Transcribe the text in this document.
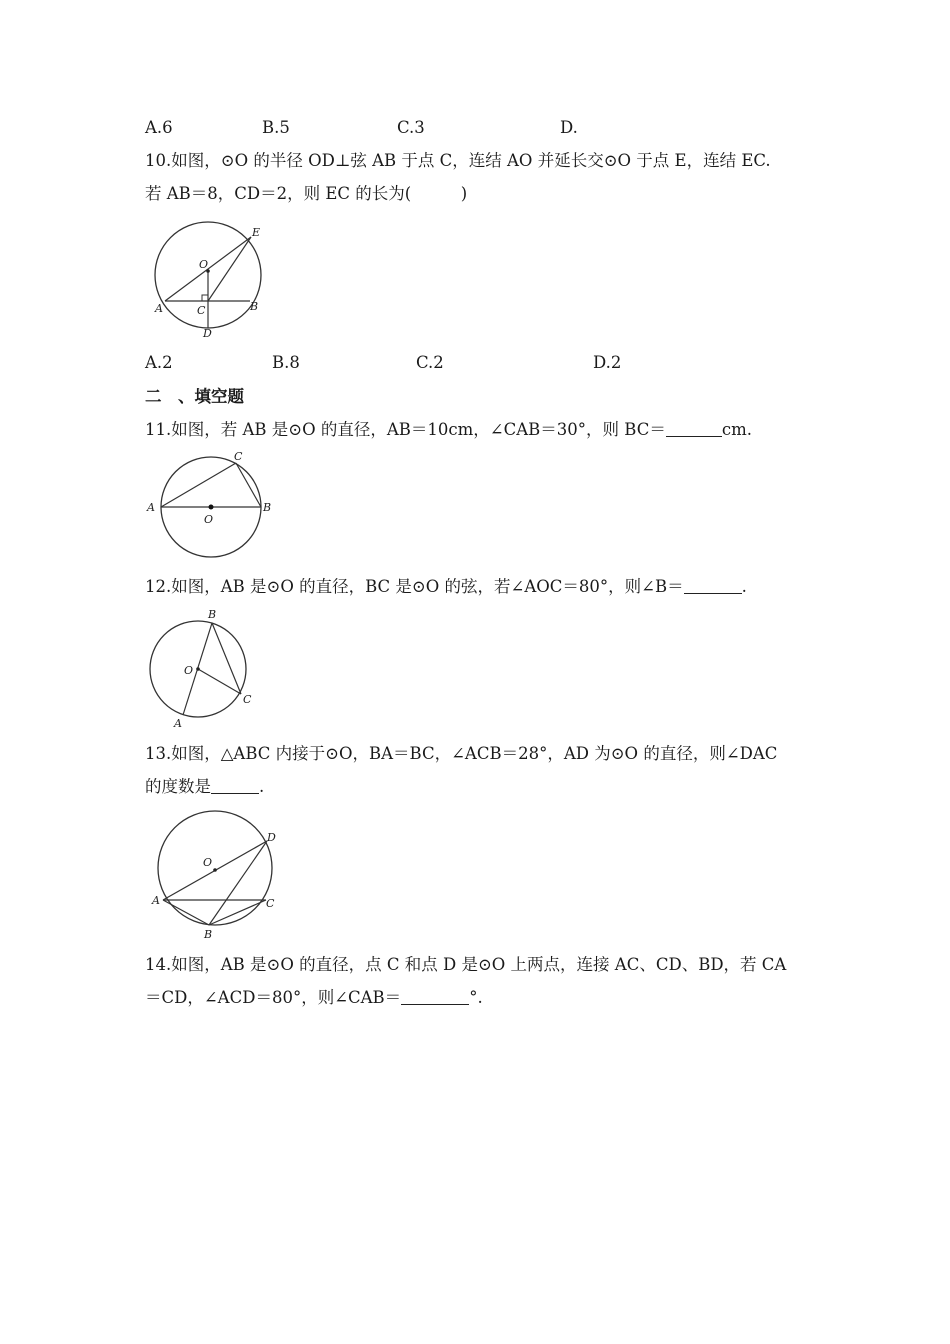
A.6	B.5	C.3	D.
10.如图，⊙O 的半径 OD⊥弦 AB 于点 C，连结 AO 并延长交⊙O 于点 E，连结 EC.
若 AB＝8，CD＝2，则 EC 的长为(　　　)
O
E
A	C	B
D
A.2	B.8	C.2	D.2
二　、填空题
11.如图，若 AB 是⊙O 的直径，AB＝10cm，∠CAB＝30°，则 BC＝	cm.
C
A
O
B
12.如图，AB 是⊙O 的直径，BC 是⊙O 的弦，若∠AOC＝80°，则∠B＝	.
B
O
C
A
13.如图，△ABC 内接于⊙O，BA＝BC，∠ACB＝28°，AD 为⊙O 的直径，则∠DAC
的度数是	.
D
O
A	C
B
14.如图，AB 是⊙O 的直径，点 C 和点 D 是⊙O 上两点，连接 AC、CD、BD，若 CA
＝CD，∠ACD＝80°，则∠CAB＝	°.
